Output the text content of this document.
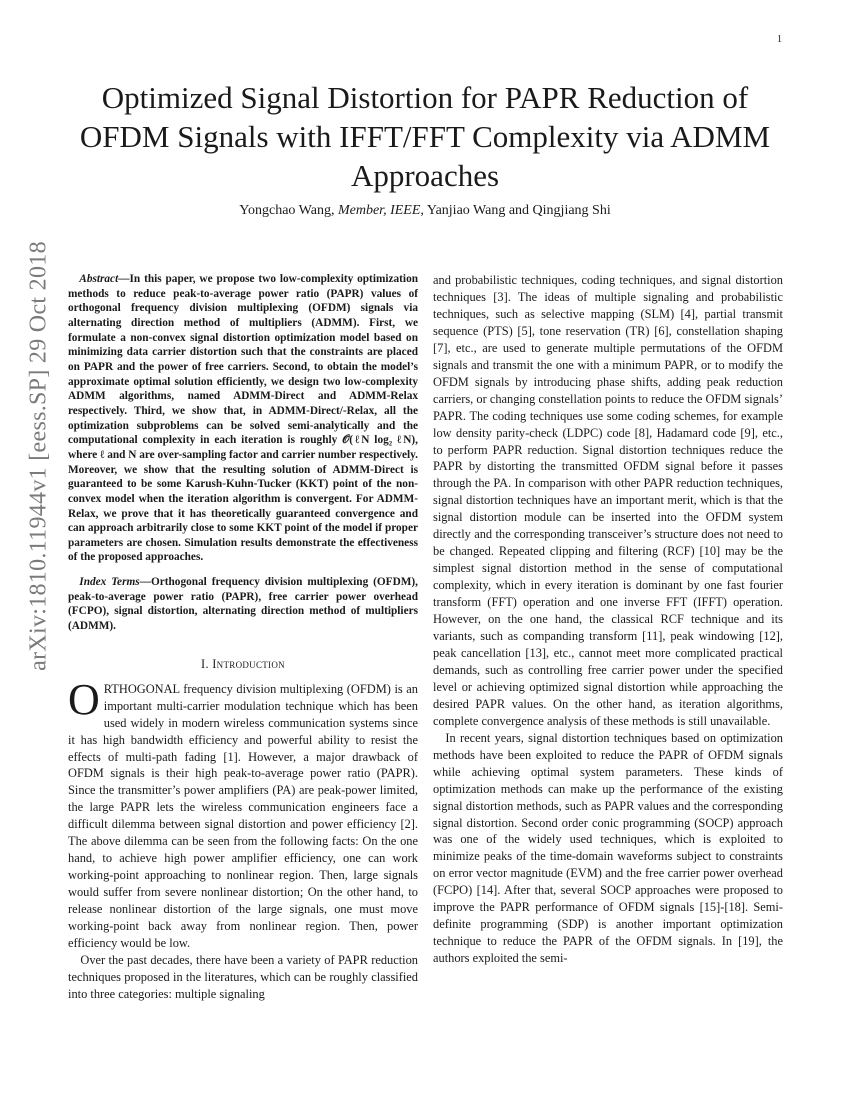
1
arXiv:1810.11944v1 [eess.SP] 29 Oct 2018
Optimized Signal Distortion for PAPR Reduction of OFDM Signals with IFFT/FFT Complexity via ADMM Approaches
Yongchao Wang, Member, IEEE, Yanjiao Wang and Qingjiang Shi

Abstract—In this paper, we propose two low-complexity optimization methods to reduce peak-to-average power ratio (PAPR) values of orthogonal frequency division multiplexing (OFDM) signals via alternating direction method of multipliers (ADMM). First, we formulate a non-convex signal distortion optimization model based on minimizing data carrier distortion such that the constraints are placed on PAPR and the power of free carriers. Second, to obtain the model’s approximate optimal solution efficiently, we design two low-complexity ADMM algorithms, named ADMM-Direct and ADMM-Relax respectively. Third, we show that, in ADMM-Direct/-Relax, all the optimization subproblems can be solved semi-analytically and the computational complexity in each iteration is roughly 𝒪(ℓN log₂ ℓN), where ℓ and N are over-sampling factor and carrier number respectively. Moreover, we show that the resulting solution of ADMM-Direct is guaranteed to be some Karush-Kuhn-Tucker (KKT) point of the non-convex model when the iteration algorithm is convergent. For ADMM-Relax, we prove that it has theoretically guaranteed convergence and can approach arbitrarily close to some KKT point of the model if proper parameters are chosen. Simulation results demonstrate the effectiveness of the proposed approaches.

Index Terms—Orthogonal frequency division multiplexing (OFDM), peak-to-average power ratio (PAPR), free carrier power overhead (FCPO), signal distortion, alternating direction method of multipliers (ADMM).

I. Introduction

ORTHOGONAL frequency division multiplexing (OFDM) is an important multi-carrier modulation technique which has been used widely in modern wireless communication systems since it has high bandwidth efficiency and powerful ability to resist the effects of multi-path fading [1]. However, a major drawback of OFDM signals is their high peak-to-average power ratio (PAPR). Since the transmitter’s power amplifiers (PA) are peak-power limited, the large PAPR lets the wireless communication engineers face a difficult dilemma between signal distortion and power efficiency [2]. The above dilemma can be seen from the following facts: On the one hand, to achieve high power amplifier efficiency, one can work working-point approaching to nonlinear region. Then, large signals would suffer from severe nonlinear distortion; On the other hand, to release nonlinear distortion of the large signals, one must move working-point back away from nonlinear region. Then, power efficiency would be low.

Over the past decades, there have been a variety of PAPR reduction techniques proposed in the literatures, which can be roughly classified into three categories: multiple signaling

and probabilistic techniques, coding techniques, and signal distortion techniques [3]. The ideas of multiple signaling and probabilistic techniques, such as selective mapping (SLM) [4], partial transmit sequence (PTS) [5], tone reservation (TR) [6], constellation shaping [7], etc., are used to generate multiple permutations of the OFDM signals and transmit the one with a minimum PAPR, or to modify the OFDM signals by introducing phase shifts, adding peak reduction carriers, or changing constellation points to reduce the OFDM signals’ PAPR. The coding techniques use some coding schemes, for example low density parity-check (LDPC) code [8], Hadamard code [9], etc., to perform PAPR reduction. Signal distortion techniques reduce the PAPR by distorting the transmitted OFDM signal before it passes through the PA. In comparison with other PAPR reduction techniques, signal distortion techniques have an important merit, which is that the signal distortion module can be inserted into the OFDM system directly and the corresponding transceiver’s structure does not need to be changed. Repeated clipping and filtering (RCF) [10] may be the simplest signal distortion method in the sense of computational complexity, which in every iteration is dominant by one fast fourier transform (FFT) operation and one inverse FFT (IFFT) operation. However, on the one hand, the classical RCF technique and its variants, such as companding transform [11], peak windowing [12], peak cancellation [13], etc., cannot meet more complicated practical demands, such as controlling free carrier power under the specified level or achieving optimized signal distortion while approaching the desired PAPR values. On the other hand, as iteration algorithms, complete convergence analysis of these methods is still unavailable.

In recent years, signal distortion techniques based on optimization methods have been exploited to reduce the PAPR of OFDM signals while achieving optimal system parameters. These kinds of optimization methods can make up the performance of the existing signal distortion methods, such as PAPR values and the corresponding signal distortion. Second order conic programming (SOCP) approach was one of the widely used techniques, which is exploited to minimize peaks of the time-domain waveforms subject to constraints on error vector magnitude (EVM) and the free carrier power overhead (FCPO) [14]. After that, several SOCP approaches were proposed to improve the PAPR performance of OFDM signals [15]-[18]. Semi-definite programming (SDP) is another important optimization technique to reduce the PAPR of the OFDM signals. In [19], the authors exploited the semi-
